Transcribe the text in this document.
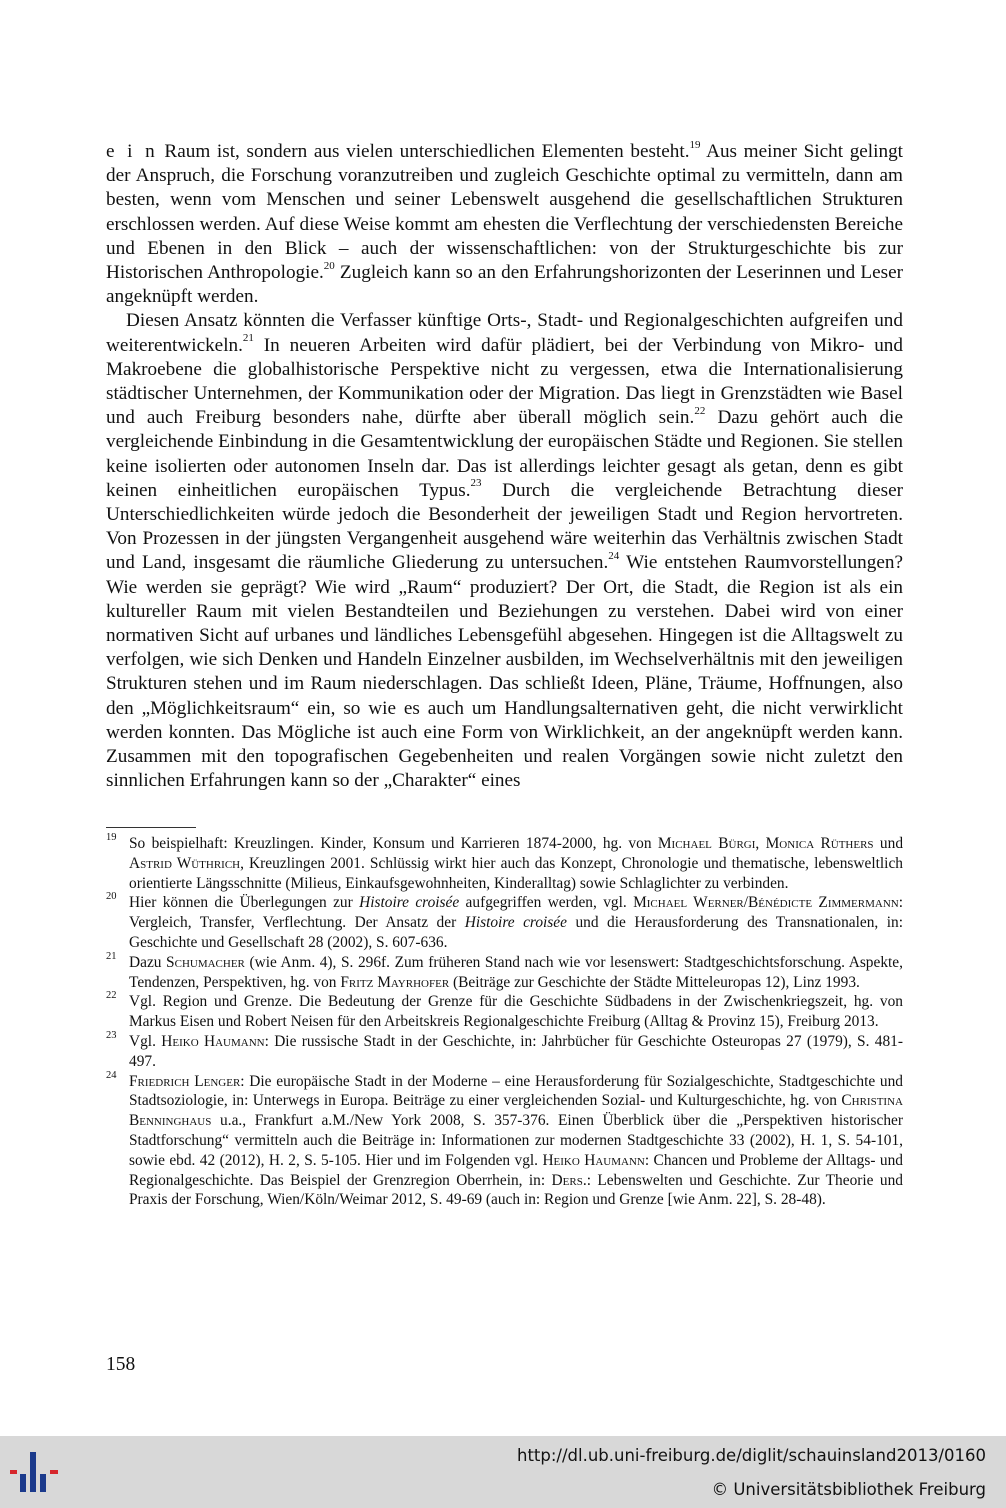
e i n Raum ist, sondern aus vielen unterschiedlichen Elementen besteht.$^{19}$ Aus meiner Sicht gelingt der Anspruch, die Forschung voranzutreiben und zugleich Geschichte optimal zu vermitteln, dann am besten, wenn vom Menschen und seiner Lebenswelt ausgehend die gesellschaftlichen Strukturen erschlossen werden. Auf diese Weise kommt am ehesten die Verflechtung der verschiedensten Bereiche und Ebenen in den Blick – auch der wissenschaftlichen: von der Strukturgeschichte bis zur Historischen Anthropologie.$^{20}$ Zugleich kann so an den Erfahrungshorizonten der Leserinnen und Leser angeknüpft werden.

Diesen Ansatz könnten die Verfasser künftige Orts-, Stadt- und Regionalgeschichten aufgreifen und weiterentwickeln.$^{21}$ In neueren Arbeiten wird dafür plädiert, bei der Verbindung von Mikro- und Makroebene die globalhistorische Perspektive nicht zu vergessen, etwa die Internationalisierung städtischer Unternehmen, der Kommunikation oder der Migration. Das liegt in Grenzstädten wie Basel und auch Freiburg besonders nahe, dürfte aber überall möglich sein.$^{22}$ Dazu gehört auch die vergleichende Einbindung in die Gesamtentwicklung der europäischen Städte und Regionen. Sie stellen keine isolierten oder autonomen Inseln dar. Das ist allerdings leichter gesagt als getan, denn es gibt keinen einheitlichen europäischen Typus.$^{23}$ Durch die vergleichende Betrachtung dieser Unterschiedlichkeiten würde jedoch die Besonderheit der jeweiligen Stadt und Region hervortreten. Von Prozessen in der jüngsten Vergangenheit ausgehend wäre weiterhin das Verhältnis zwischen Stadt und Land, insgesamt die räumliche Gliederung zu untersuchen.$^{24}$ Wie entstehen Raumvorstellungen? Wie werden sie geprägt? Wie wird „Raum“ produziert? Der Ort, die Stadt, die Region ist als ein kultureller Raum mit vielen Bestandteilen und Beziehungen zu verstehen. Dabei wird von einer normativen Sicht auf urbanes und ländliches Lebensgefühl abgesehen. Hingegen ist die Alltagswelt zu verfolgen, wie sich Denken und Handeln Einzelner ausbilden, im Wechselverhältnis mit den jeweiligen Strukturen stehen und im Raum niederschlagen. Das schließt Ideen, Pläne, Träume, Hoffnungen, also den „Möglichkeitsraum“ ein, so wie es auch um Handlungsalternativen geht, die nicht verwirklicht werden konnten. Das Mögliche ist auch eine Form von Wirklichkeit, an der angeknüpft werden kann. Zusammen mit den topografischen Gegebenheiten und realen Vorgängen sowie nicht zuletzt den sinnlichen Erfahrungen kann so der „Charakter“ eines

19 So beispielhaft: Kreuzlingen. Kinder, Konsum und Karrieren 1874-2000, hg. von Michael Bürgi, Monica Rüthers und Astrid Wüthrich, Kreuzlingen 2001. Schlüssig wirkt hier auch das Konzept, Chronologie und thematische, lebensweltlich orientierte Längsschnitte (Milieus, Einkaufsgewohnheiten, Kinderalltag) sowie Schlaglichter zu verbinden.

20 Hier können die Überlegungen zur Histoire croisée aufgegriffen werden, vgl. Michael Werner/Bénédicte Zimmermann: Vergleich, Transfer, Verflechtung. Der Ansatz der Histoire croisée und die Herausforderung des Transnationalen, in: Geschichte und Gesellschaft 28 (2002), S. 607-636.

21 Dazu Schumacher (wie Anm. 4), S. 296f. Zum früheren Stand nach wie vor lesenswert: Stadtgeschichtsforschung. Aspekte, Tendenzen, Perspektiven, hg. von Fritz Mayrhofer (Beiträge zur Geschichte der Städte Mitteleuropas 12), Linz 1993.

22 Vgl. Region und Grenze. Die Bedeutung der Grenze für die Geschichte Südbadens in der Zwischenkriegszeit, hg. von Markus Eisen und Robert Neisen für den Arbeitskreis Regionalgeschichte Freiburg (Alltag & Provinz 15), Freiburg 2013.

23 Vgl. Heiko Haumann: Die russische Stadt in der Geschichte, in: Jahrbücher für Geschichte Osteuropas 27 (1979), S. 481-497.

24 Friedrich Lenger: Die europäische Stadt in der Moderne – eine Herausforderung für Sozialgeschichte, Stadtgeschichte und Stadtsoziologie, in: Unterwegs in Europa. Beiträge zu einer vergleichenden Sozial- und Kulturgeschichte, hg. von Christina Benninghaus u.a., Frankfurt a.M./New York 2008, S. 357-376. Einen Überblick über die „Perspektiven historischer Stadtforschung“ vermitteln auch die Beiträge in: Informationen zur modernen Stadtgeschichte 33 (2002), H. 1, S. 54-101, sowie ebd. 42 (2012), H. 2, S. 5-105. Hier und im Folgenden vgl. Heiko Haumann: Chancen und Probleme der Alltags- und Regionalgeschichte. Das Beispiel der Grenzregion Oberrhein, in: Ders.: Lebenswelten und Geschichte. Zur Theorie und Praxis der Forschung, Wien/Köln/Weimar 2012, S. 49-69 (auch in: Region und Grenze [wie Anm. 22], S. 28-48).

158
http://dl.ub.uni-freiburg.de/diglit/schauinsland2013/0160
© Universitätsbibliothek Freiburg
